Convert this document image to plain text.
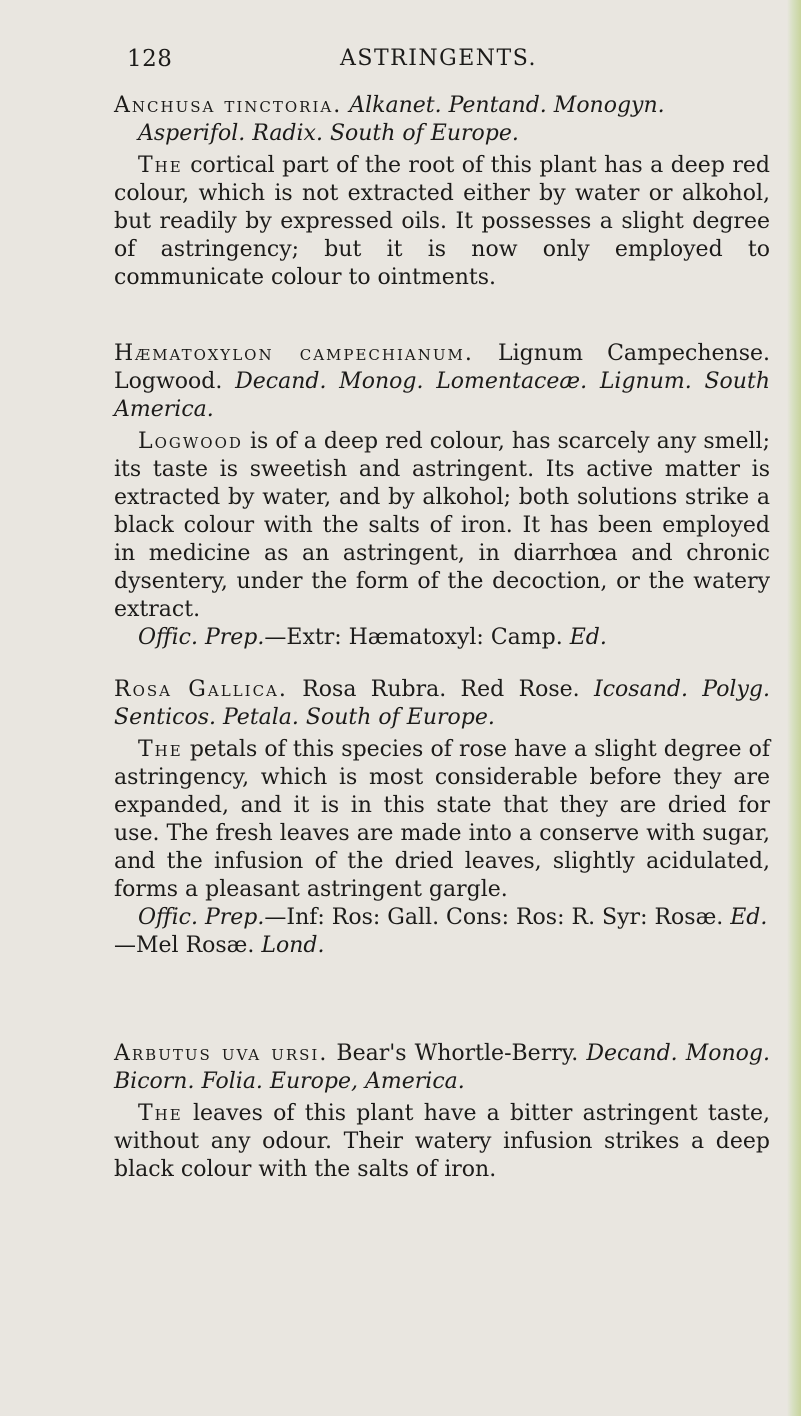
128	ASTRINGENTS.

Anchusa tinctoria. Alkanet. Pentand. Monogyn.

Asperifol. Radix. South of Europe.

The cortical part of the root of this plant has a deep red colour, which is not extracted either by water or alkohol, but readily by expressed oils. It possesses a slight degree of astringency; but it is now only employed to communicate colour to ointments.

Hæmatoxylon campechianum. Lignum Campechense. Logwood. Decand. Monog. Lomentaceæ. Lignum. South America.

Logwood is of a deep red colour, has scarcely any smell; its taste is sweetish and astringent. Its active matter is extracted by water, and by alkohol; both solutions strike a black colour with the salts of iron. It has been employed in medicine as an astringent, in diarrhœa and chronic dysentery, under the form of the decoction, or the watery extract.

Offic. Prep.—Extr: Hæmatoxyl: Camp. Ed.

Rosa Gallica. Rosa Rubra. Red Rose. Icosand. Polyg. Senticos. Petala. South of Europe.

The petals of this species of rose have a slight degree of astringency, which is most considerable before they are expanded, and it is in this state that they are dried for use. The fresh leaves are made into a conserve with sugar, and the infusion of the dried leaves, slightly acidulated, forms a pleasant astringent gargle.

Offic. Prep.—Inf: Ros: Gall. Cons: Ros: R. Syr: Rosæ. Ed.—Mel Rosæ. Lond.

Arbutus uva ursi. Bear's Whortle-Berry. Decand. Monog. Bicorn. Folia. Europe, America.

The leaves of this plant have a bitter astringent taste, without any odour. Their watery infusion strikes a deep black colour with the salts of iron.
